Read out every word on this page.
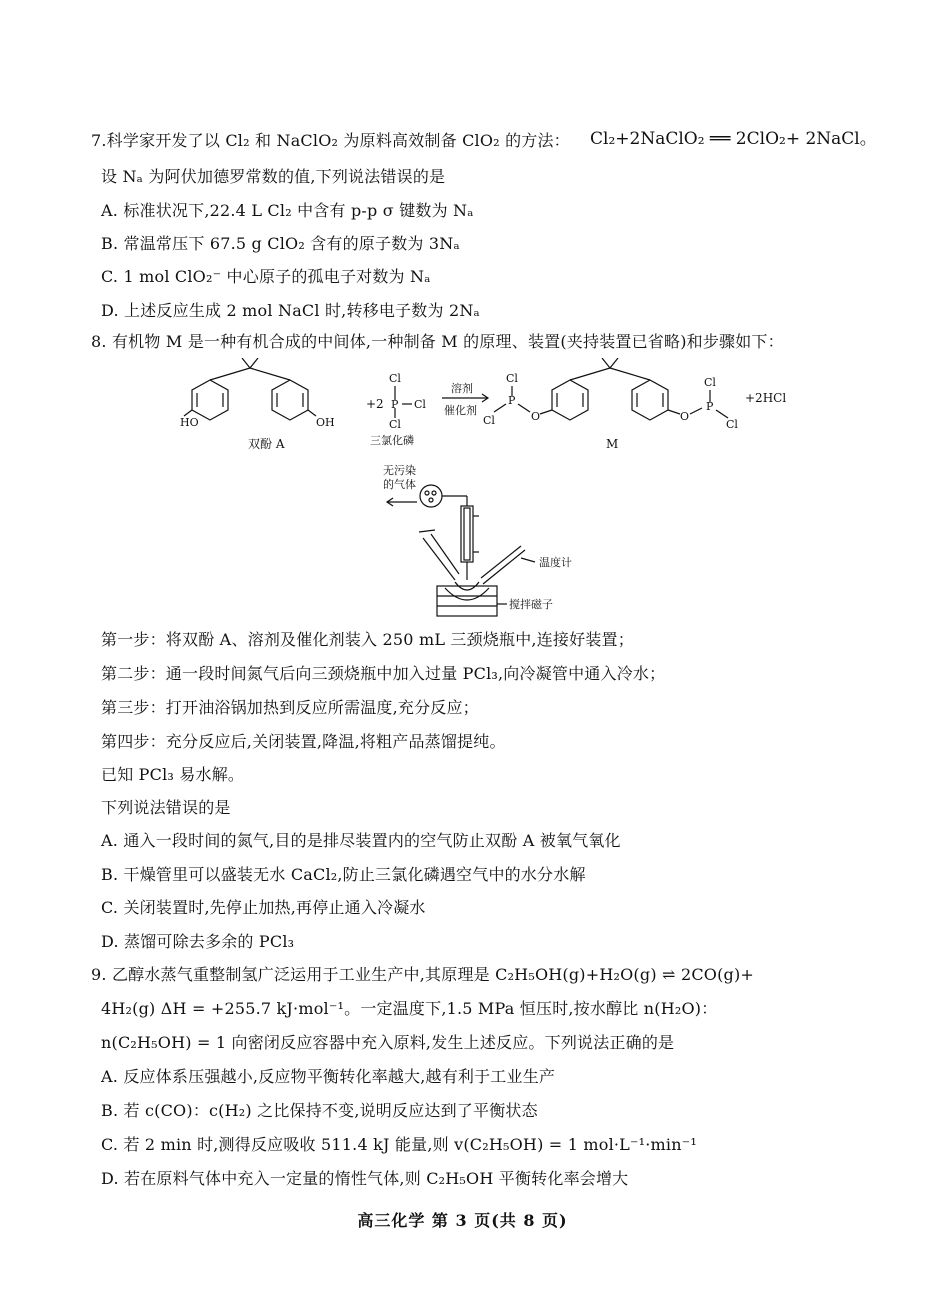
7.科学家开发了以 Cl₂ 和 NaClO₂ 为原料高效制备 ClO₂ 的方法： Cl₂+2NaClO₂ ══ 2ClO₂+ 2NaCl。
设 Nₐ 为阿伏加德罗常数的值,下列说法错误的是
A. 标准状况下,22.4 L Cl₂ 中含有 p-p σ 键数为 Nₐ
B. 常温常压下 67.5 g ClO₂ 含有的原子数为 3Nₐ
C. 1 mol ClO₂⁻ 中心原子的孤电子对数为 Nₐ
D. 上述反应生成 2 mol NaCl 时,转移电子数为 2Nₐ
8. 有机物 M 是一种有机合成的中间体,一种制备 M 的原理、装置(夹持装置已省略)和步骤如下：
HO	OH
双酚 A
+2
Cl
P Cl
Cl
三氯化磷
溶剂
催化剂
Cl
P
Cl	O	O
P
Cl
Cl
M
+2HCl
无污染
的气体
温度计
搅拌磁子
第一步：将双酚 A、溶剂及催化剂装入 250 mL 三颈烧瓶中,连接好装置；
第二步：通一段时间氮气后向三颈烧瓶中加入过量 PCl₃,向冷凝管中通入冷水；
第三步：打开油浴锅加热到反应所需温度,充分反应；
第四步：充分反应后,关闭装置,降温,将粗产品蒸馏提纯。
已知 PCl₃ 易水解。
下列说法错误的是
A. 通入一段时间的氮气,目的是排尽装置内的空气防止双酚 A 被氧气氧化
B. 干燥管里可以盛装无水 CaCl₂,防止三氯化磷遇空气中的水分水解
C. 关闭装置时,先停止加热,再停止通入冷凝水
D. 蒸馏可除去多余的 PCl₃
9. 乙醇水蒸气重整制氢广泛运用于工业生产中,其原理是 C₂H₅OH(g)+H₂O(g) ⇌ 2CO(g)+
4H₂(g) ΔH = +255.7 kJ·mol⁻¹。一定温度下,1.5 MPa 恒压时,按水醇比 n(H₂O)：
n(C₂H₅OH) = 1 向密闭反应容器中充入原料,发生上述反应。下列说法正确的是
A. 反应体系压强越小,反应物平衡转化率越大,越有利于工业生产
B. 若 c(CO)：c(H₂) 之比保持不变,说明反应达到了平衡状态
C. 若 2 min 时,测得反应吸收 511.4 kJ 能量,则 v(C₂H₅OH) = 1 mol·L⁻¹·min⁻¹
D. 若在原料气体中充入一定量的惰性气体,则 C₂H₅OH 平衡转化率会增大
高三化学 第 3 页(共 8 页)
